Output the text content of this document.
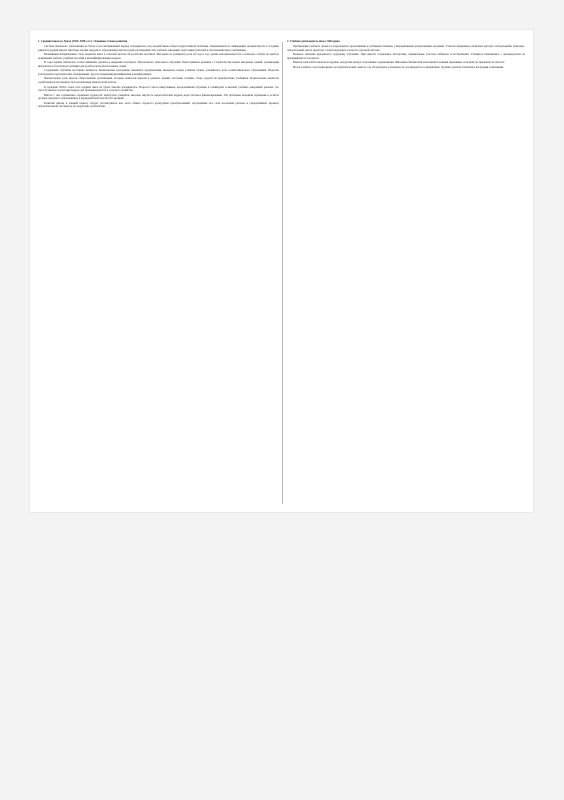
1. Средняя школа в Урале (1920–1930-е гг.). Основные этапы развития

Система школьного образования на Урале в рассматриваемый период складывалась под воздействием общегосударственной политики, направленной на ликвидацию неграмотности и создание единой трудовой школы. Местные органы народного образования решали задачи расширения сети учебных заведений, подготовки учителей и обеспечения школ учебниками.

Важнейшим направлением стало открытие школ в сельской местности и рабочих посёлках. Численность учащихся росла из года в год, однако материальная база оставалась слабой, не хватало помещений, мебели, учебных пособий и квалифицированных кадров.

В годы первых пятилеток особое внимание уделялось введению всеобщего обязательного начального обучения. Были приняты решения о строительстве новых школьных зданий, организации интернатов и бесплатного питания для детей из малообеспеченных семей.

Содержание обучения постоянно менялось. Комплексные программы сменялись предметными, вводились новые учебные планы, усиливалась роль политехнического образования. Педагоги участвовали в методических объединениях, курсах повышения квалификации и конференциях.

Значительную роль играли общественные организации, которые помогали школам в ремонте зданий, заготовке топлива, сборе средств на приобретение учебников. Родительские комитеты содействовали посещаемости и организации внеклассной работы.

К середине 1930-х годов сеть средних школ на Урале заметно расширилась. Возросло число выпускников, продолжавших обучение в техникумах и высших учебных заведениях региона, что способствовало подготовке кадров для промышленности и сельского хозяйства.

Вместе с тем сохранялись серьёзные трудности: перегрузка учащихся, высокая текучесть педагогических кадров, недостаточное финансирование. Эти проблемы находили отражение в отчётах органов народного образования и в периодической печати того времени.

Развитие школы в данный период следует рассматривать как часть общего процесса культурных преобразований, затронувших все слои населения региона и определивших характер образовательной системы на последующие десятилетия.

2. Учебная деятельность школ. Методика

Организация учебного процесса определялась программами и учебными планами, утверждёнными центральными органами. Учителя применяли различные методы: лабораторный, бригадно-лабораторный, метод проектов, а затем вернулись к классно-урочной системе.

Большое значение придавалось трудовому обучению. При школах создавались мастерские, пришкольные участки, кабинеты естествознания. Учащиеся знакомились с производством на предприятиях и в колхозах.

Внеклассная работа включала кружки, экскурсии, вечера, спортивные соревнования. Школьные библиотеки пополнялись новыми изданиями, хотя книг по-прежнему не хватало.

Итоги учебного года подводились на педагогических советах, где обсуждались успеваемость, посещаемость и дисциплина. Лучшие учителя отмечались наградами и премиями.
